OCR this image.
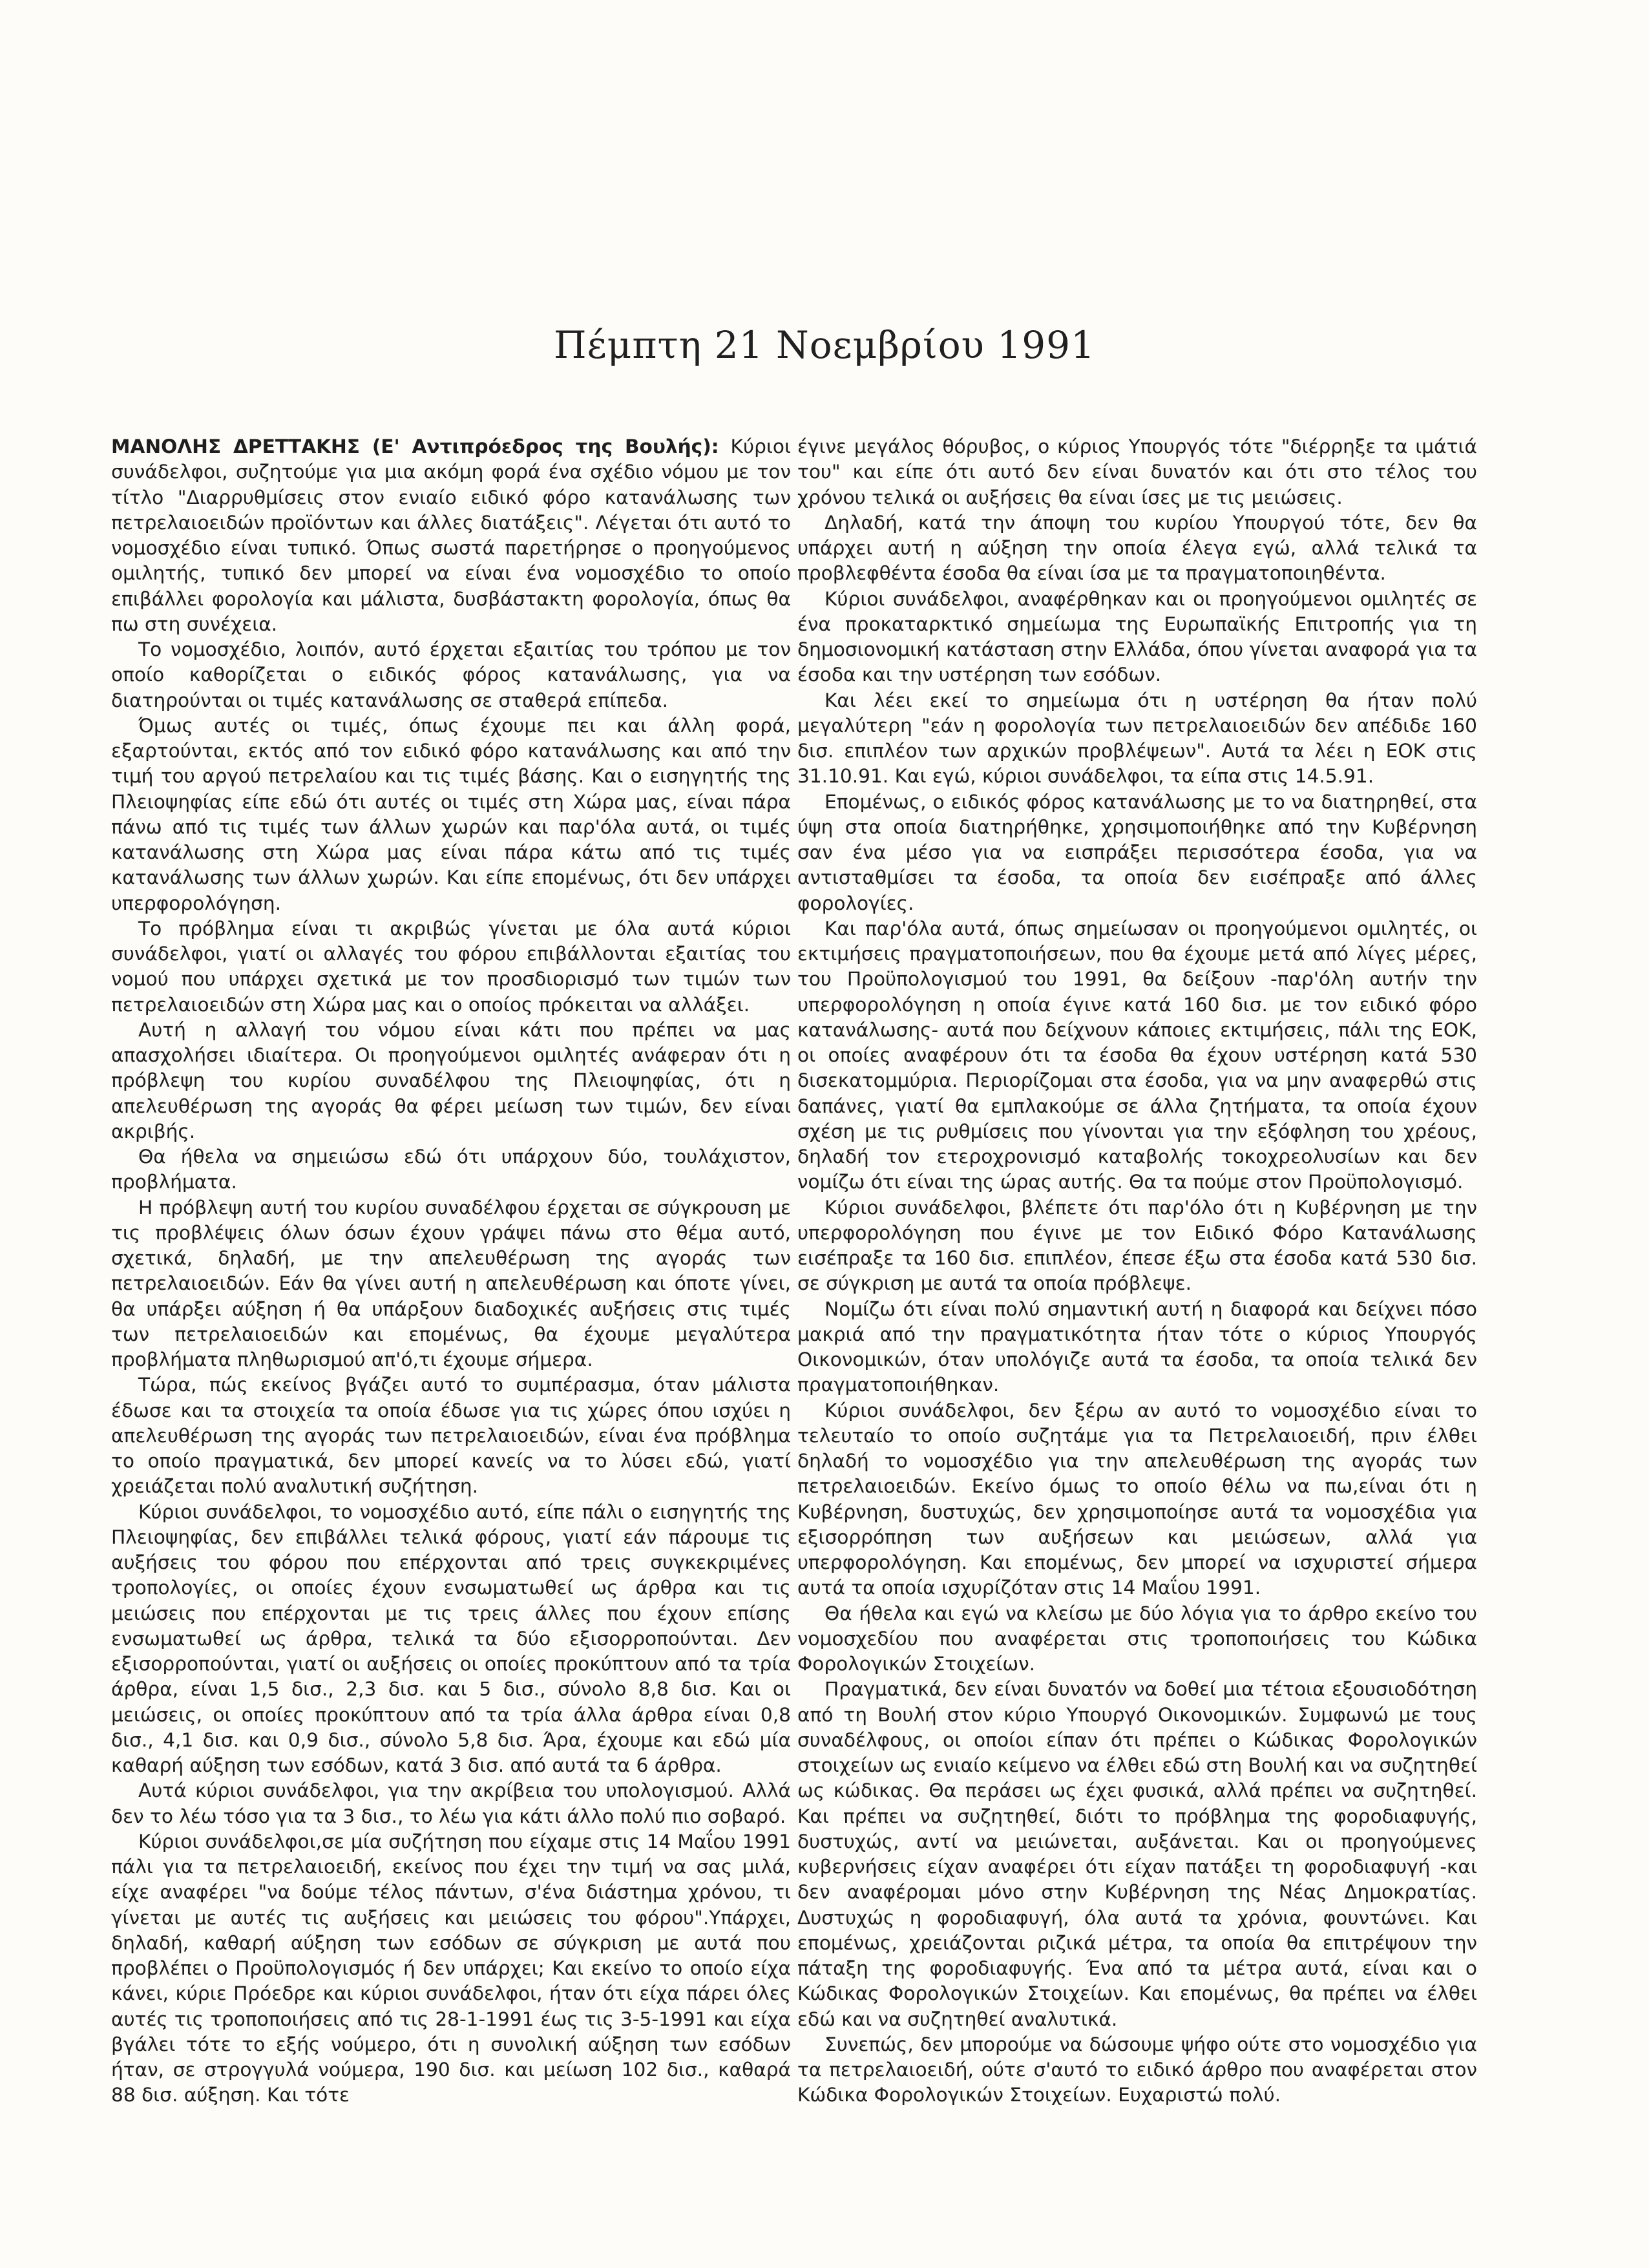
Πέμπτη 21 Νοεμβρίου 1991

ΜΑΝΟΛΗΣ ΔΡΕΤΤΑΚΗΣ (Ε' Αντιπρόεδρος της Βουλής): Κύριοι συνάδελφοι, συζητούμε για μια ακόμη φορά ένα σχέδιο νόμου με τον τίτλο "Διαρρυθμίσεις στον ενιαίο ειδικό φόρο κατανάλωσης των πετρελαιοειδών προϊόντων και άλλες διατάξεις". Λέγεται ότι αυτό το νομοσχέδιο είναι τυπικό. Όπως σωστά παρετήρησε ο προηγούμενος ομιλητής, τυπικό δεν μπορεί να είναι ένα νομοσχέδιο το οποίο επιβάλλει φορολογία και μάλιστα, δυσβάστακτη φορολογία, όπως θα πω στη συνέχεια.

Το νομοσχέδιο, λοιπόν, αυτό έρχεται εξαιτίας του τρόπου με τον οποίο καθορίζεται ο ειδικός φόρος κατανάλωσης, για να διατηρούνται οι τιμές κατανάλωσης σε σταθερά επίπεδα.

Όμως αυτές οι τιμές, όπως έχουμε πει και άλλη φορά, εξαρτούνται, εκτός από τον ειδικό φόρο κατανάλωσης και από την τιμή του αργού πετρελαίου και τις τιμές βάσης. Και ο εισηγητής της Πλειοψηφίας είπε εδώ ότι αυτές οι τιμές στη Χώρα μας, είναι πάρα πάνω από τις τιμές των άλλων χωρών και παρ'όλα αυτά, οι τιμές κατανάλωσης στη Χώρα μας είναι πάρα κάτω από τις τιμές κατανάλωσης των άλλων χωρών. Και είπε επομένως, ότι δεν υπάρχει υπερφορολόγηση.

Το πρόβλημα είναι τι ακριβώς γίνεται με όλα αυτά κύριοι συνάδελφοι, γιατί οι αλλαγές του φόρου επιβάλλονται εξαιτίας του νομού που υπάρχει σχετικά με τον προσδιορισμό των τιμών των πετρελαιοειδών στη Χώρα μας και ο οποίος πρόκειται να αλλάξει.

Αυτή η αλλαγή του νόμου είναι κάτι που πρέπει να μας απασχολήσει ιδιαίτερα. Οι προηγούμενοι ομιλητές ανάφεραν ότι η πρόβλεψη του κυρίου συναδέλφου της Πλειοψηφίας, ότι η απελευθέρωση της αγοράς θα φέρει μείωση των τιμών, δεν είναι ακριβής.

Θα ήθελα να σημειώσω εδώ ότι υπάρχουν δύο, τουλάχιστον, προβλήματα.

Η πρόβλεψη αυτή του κυρίου συναδέλφου έρχεται σε σύγκρουση με τις προβλέψεις όλων όσων έχουν γράψει πάνω στο θέμα αυτό, σχετικά, δηλαδή, με την απελευθέρωση της αγοράς των πετρελαιοειδών. Εάν θα γίνει αυτή η απελευθέρωση και όποτε γίνει, θα υπάρξει αύξηση ή θα υπάρξουν διαδοχικές αυξήσεις στις τιμές των πετρελαιοειδών και επομένως, θα έχουμε μεγαλύτερα προβλήματα πληθωρισμού απ'ό,τι έχουμε σήμερα.

Τώρα, πώς εκείνος βγάζει αυτό το συμπέρασμα, όταν μάλιστα έδωσε και τα στοιχεία τα οποία έδωσε για τις χώρες όπου ισχύει η απελευθέρωση της αγοράς των πετρελαιοειδών, είναι ένα πρόβλημα το οποίο πραγματικά, δεν μπορεί κανείς να το λύσει εδώ, γιατί χρειάζεται πολύ αναλυτική συζήτηση.

Κύριοι συνάδελφοι, το νομοσχέδιο αυτό, είπε πάλι ο εισηγητής της Πλειοψηφίας, δεν επιβάλλει τελικά φόρους, γιατί εάν πάρουμε τις αυξήσεις του φόρου που επέρχονται από τρεις συγκεκριμένες τροπολογίες, οι οποίες έχουν ενσωματωθεί ως άρθρα και τις μειώσεις που επέρχονται με τις τρεις άλλες που έχουν επίσης ενσωματωθεί ως άρθρα, τελικά τα δύο εξισορροπούνται. Δεν εξισορροπούνται, γιατί οι αυξήσεις οι οποίες προκύπτουν από τα τρία άρθρα, είναι 1,5 δισ., 2,3 δισ. και 5 δισ., σύνολο 8,8 δισ. Και οι μειώσεις, οι οποίες προκύπτουν από τα τρία άλλα άρθρα είναι 0,8 δισ., 4,1 δισ. και 0,9 δισ., σύνολο 5,8 δισ. Άρα, έχουμε και εδώ μία καθαρή αύξηση των εσόδων, κατά 3 δισ. από αυτά τα 6 άρθρα.

Αυτά κύριοι συνάδελφοι, για την ακρίβεια του υπολογισμού. Αλλά δεν το λέω τόσο για τα 3 δισ., το λέω για κάτι άλλο πολύ πιο σοβαρό.

Κύριοι συνάδελφοι,σε μία συζήτηση που είχαμε στις 14 Μαΐου 1991 πάλι για τα πετρελαιοειδή, εκείνος που έχει την τιμή να σας μιλά, είχε αναφέρει "να δούμε τέλος πάντων, σ'ένα διάστημα χρόνου, τι γίνεται με αυτές τις αυξήσεις και μειώσεις του φόρου".Υπάρχει, δηλαδή, καθαρή αύξηση των εσόδων σε σύγκριση με αυτά που προβλέπει ο Προϋπολογισμός ή δεν υπάρχει; Και εκείνο το οποίο είχα κάνει, κύριε Πρόεδρε και κύριοι συνάδελφοι, ήταν ότι είχα πάρει όλες αυτές τις τροποποιήσεις από τις 28-1-1991 έως τις 3-5-1991 και είχα βγάλει τότε το εξής νούμερο, ότι η συνολική αύξηση των εσόδων ήταν, σε στρογγυλά νούμερα, 190 δισ. και μείωση 102 δισ., καθαρά 88 δισ. αύξηση. Και τότε

έγινε μεγάλος θόρυβος, ο κύριος Υπουργός τότε "διέρρηξε τα ιμάτιά του" και είπε ότι αυτό δεν είναι δυνατόν και ότι στο τέλος του χρόνου τελικά οι αυξήσεις θα είναι ίσες με τις μειώσεις.

Δηλαδή, κατά την άποψη του κυρίου Υπουργού τότε, δεν θα υπάρχει αυτή η αύξηση την οποία έλεγα εγώ, αλλά τελικά τα προβλεφθέντα έσοδα θα είναι ίσα με τα πραγματοποιηθέντα.

Κύριοι συνάδελφοι, αναφέρθηκαν και οι προηγούμενοι ομιλητές σε ένα προκαταρκτικό σημείωμα της Ευρωπαϊκής Επιτροπής για τη δημοσιονομική κατάσταση στην Ελλάδα, όπου γίνεται αναφορά για τα έσοδα και την υστέρηση των εσόδων.

Και λέει εκεί το σημείωμα ότι η υστέρηση θα ήταν πολύ μεγαλύτερη "εάν η φορολογία των πετρελαιοειδών δεν απέδιδε 160 δισ. επιπλέον των αρχικών προβλέψεων". Αυτά τα λέει η ΕΟΚ στις 31.10.91. Και εγώ, κύριοι συνάδελφοι, τα είπα στις 14.5.91.

Επομένως, ο ειδικός φόρος κατανάλωσης με το να διατηρηθεί, στα ύψη στα οποία διατηρήθηκε, χρησιμοποιήθηκε από την Κυβέρνηση σαν ένα μέσο για να εισπράξει περισσότερα έσοδα, για να αντισταθμίσει τα έσοδα, τα οποία δεν εισέπραξε από άλλες φορολογίες.

Και παρ'όλα αυτά, όπως σημείωσαν οι προηγούμενοι ομιλητές, οι εκτιμήσεις πραγματοποιήσεων, που θα έχουμε μετά από λίγες μέρες, του Προϋπολογισμού του 1991, θα δείξουν -παρ'όλη αυτήν την υπερφορολόγηση η οποία έγινε κατά 160 δισ. με τον ειδικό φόρο κατανάλωσης- αυτά που δείχνουν κάποιες εκτιμήσεις, πάλι της ΕΟΚ, οι οποίες αναφέρουν ότι τα έσοδα θα έχουν υστέρηση κατά 530 δισεκατομμύρια. Περιορίζομαι στα έσοδα, για να μην αναφερθώ στις δαπάνες, γιατί θα εμπλακούμε σε άλλα ζητήματα, τα οποία έχουν σχέση με τις ρυθμίσεις που γίνονται για την εξόφληση του χρέους, δηλαδή τον ετεροχρονισμό καταβολής τοκοχρεολυσίων και δεν νομίζω ότι είναι της ώρας αυτής. Θα τα πούμε στον Προϋπολογισμό.

Κύριοι συνάδελφοι, βλέπετε ότι παρ'όλο ότι η Κυβέρνηση με την υπερφορολόγηση που έγινε με τον Ειδικό Φόρο Κατανάλωσης εισέπραξε τα 160 δισ. επιπλέον, έπεσε έξω στα έσοδα κατά 530 δισ. σε σύγκριση με αυτά τα οποία πρόβλεψε.

Νομίζω ότι είναι πολύ σημαντική αυτή η διαφορά και δείχνει πόσο μακριά από την πραγματικότητα ήταν τότε ο κύριος Υπουργός Οικονομικών, όταν υπολόγιζε αυτά τα έσοδα, τα οποία τελικά δεν πραγματοποιήθηκαν.

Κύριοι συνάδελφοι, δεν ξέρω αν αυτό το νομοσχέδιο είναι το τελευταίο το οποίο συζητάμε για τα Πετρελαιοειδή, πριν έλθει δηλαδή το νομοσχέδιο για την απελευθέρωση της αγοράς των πετρελαιοειδών. Εκείνο όμως το οποίο θέλω να πω,είναι ότι η Κυβέρνηση, δυστυχώς, δεν χρησιμοποίησε αυτά τα νομοσχέδια για εξισορρόπηση των αυξήσεων και μειώσεων, αλλά για υπερφορολόγηση. Και επομένως, δεν μπορεί να ισχυριστεί σήμερα αυτά τα οποία ισχυρίζόταν στις 14 Μαΐου 1991.

Θα ήθελα και εγώ να κλείσω με δύο λόγια για το άρθρο εκείνο του νομοσχεδίου που αναφέρεται στις τροποποιήσεις του Κώδικα Φορολογικών Στοιχείων.

Πραγματικά, δεν είναι δυνατόν να δοθεί μια τέτοια εξουσιοδότηση από τη Βουλή στον κύριο Υπουργό Οικονομικών. Συμφωνώ με τους συναδέλφους, οι οποίοι είπαν ότι πρέπει ο Κώδικας Φορολογικών στοιχείων ως ενιαίο κείμενο να έλθει εδώ στη Βουλή και να συζητηθεί ως κώδικας. Θα περάσει ως έχει φυσικά, αλλά πρέπει να συζητηθεί. Και πρέπει να συζητηθεί, διότι το πρόβλημα της φοροδιαφυγής, δυστυχώς, αντί να μειώνεται, αυξάνεται. Και οι προηγούμενες κυβερνήσεις είχαν αναφέρει ότι είχαν πατάξει τη φοροδιαφυγή -και δεν αναφέρομαι μόνο στην Κυβέρνηση της Νέας Δημοκρατίας. Δυστυχώς η φοροδιαφυγή, όλα αυτά τα χρόνια, φουντώνει. Και επομένως, χρειάζονται ριζικά μέτρα, τα οποία θα επιτρέψουν την πάταξη της φοροδιαφυγής. Ένα από τα μέτρα αυτά, είναι και ο Κώδικας Φορολογικών Στοιχείων. Και επομένως, θα πρέπει να έλθει εδώ και να συζητηθεί αναλυτικά.

Συνεπώς, δεν μπορούμε να δώσουμε ψήφο ούτε στο νομοσχέδιο για τα πετρελαιοειδή, ούτε σ'αυτό το ειδικό άρθρο που αναφέρεται στον Κώδικα Φορολογικών Στοιχείων. Ευχαριστώ πολύ.
